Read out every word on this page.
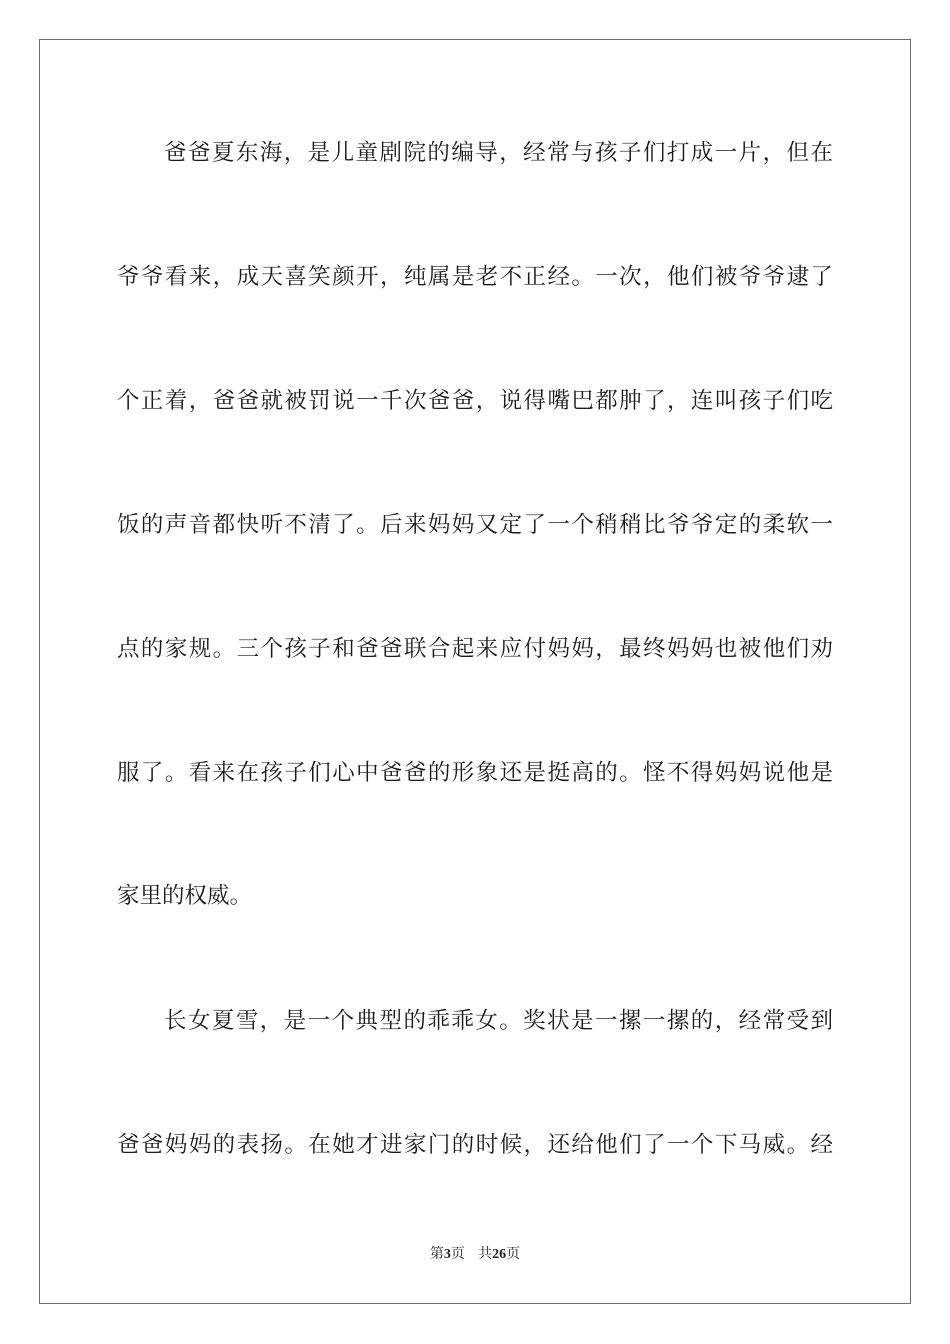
爸爸夏东海，是儿童剧院的编导，经常与孩子们打成一片，但在
爷爷看来，成天喜笑颜开，纯属是老不正经。一次，他们被爷爷逮了
个正着，爸爸就被罚说一千次爸爸，说得嘴巴都肿了，连叫孩子们吃
饭的声音都快听不清了。后来妈妈又定了一个稍稍比爷爷定的柔软一
点的家规。三个孩子和爸爸联合起来应付妈妈，最终妈妈也被他们劝
服了。看来在孩子们心中爸爸的形象还是挺高的。怪不得妈妈说他是
家里的权威。
长女夏雪，是一个典型的乖乖女。奖状是一摞一摞的，经常受到
爸爸妈妈的表扬。在她才进家门的时候，还给他们了一个下马威。经
第3页 共26页
